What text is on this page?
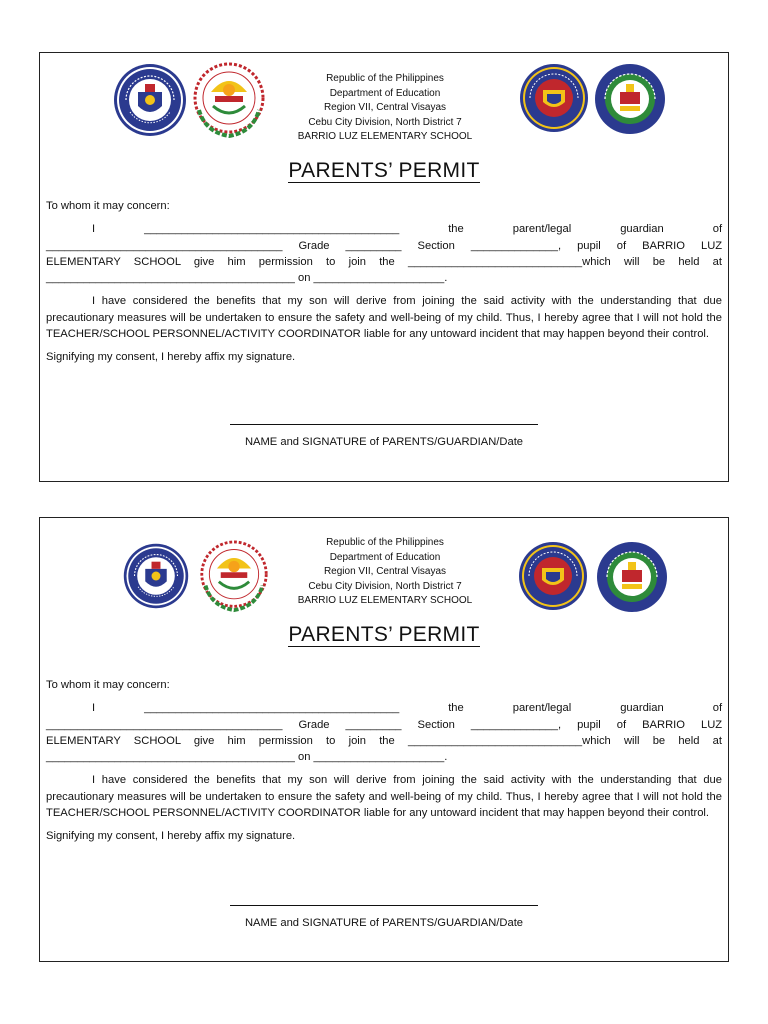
Republic of the Philippines
Department of Education
Region VII, Central Visayas
Cebu City Division, North District 7
BARRIO LUZ ELEMENTARY SCHOOL
PARENTS’ PERMIT

To whom it may concern:

I	_________________________________________	the	parent/legal	guardian	of
______________________________________ Grade _________ Section ______________, pupil of BARRIO LUZ
ELEMENTARY SCHOOL give him permission to join the ____________________________which will be held at
________________________________________ on _____________________.

I have considered the benefits that my son will derive from joining the said activity with the understanding that due precautionary measures will be undertaken to ensure the safety and well-being of my child. Thus, I hereby agree that I will not hold the TEACHER/SCHOOL PERSONNEL/ACTIVITY COORDINATOR liable for any untoward incident that may happen beyond their control.

Signifying my consent, I hereby affix my signature.

NAME and SIGNATURE of PARENTS/GUARDIAN/Date
Republic of the Philippines
Department of Education
Region VII, Central Visayas
Cebu City Division, North District 7
BARRIO LUZ ELEMENTARY SCHOOL
PARENTS’ PERMIT

To whom it may concern:

I	_________________________________________	the	parent/legal	guardian	of
______________________________________ Grade _________ Section ______________, pupil of BARRIO LUZ
ELEMENTARY SCHOOL give him permission to join the ____________________________which will be held at
________________________________________ on _____________________.

I have considered the benefits that my son will derive from joining the said activity with the understanding that due precautionary measures will be undertaken to ensure the safety and well-being of my child. Thus, I hereby agree that I will not hold the TEACHER/SCHOOL PERSONNEL/ACTIVITY COORDINATOR liable for any untoward incident that may happen beyond their control.

Signifying my consent, I hereby affix my signature.

NAME and SIGNATURE of PARENTS/GUARDIAN/Date
